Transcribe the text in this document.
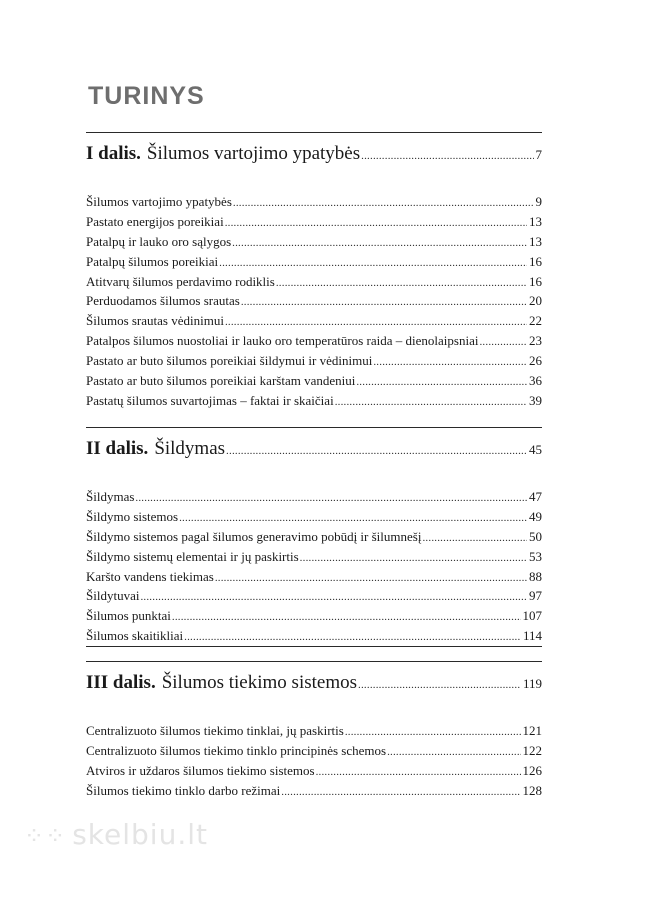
TURINYS
I dalis. Šilumos vartojimo ypatybės .....	7
Šilumos vartojimo ypatybės .....	9
Pastato energijos poreikiai .....	13
Patalpų ir lauko oro sąlygos .....	13
Patalpų šilumos poreikiai .....	16
Atitvarų šilumos perdavimo rodiklis .....	16
Perduodamos šilumos srautas .....	20
Šilumos srautas vėdinimui .....	22
Patalpos šilumos nuostoliai ir lauko oro temperatūros raida – dienolaipsniai .....	23
Pastato ar buto šilumos poreikiai šildymui ir vėdinimui .....	26
Pastato ar buto šilumos poreikiai karštam vandeniui .....	36
Pastatų šilumos suvartojimas – faktai ir skaičiai .....	39
II dalis. Šildymas .....	45
Šildymas .....	47
Šildymo sistemos .....	49
Šildymo sistemos pagal šilumos generavimo pobūdį ir šilumnešį .....	50
Šildymo sistemų elementai ir jų paskirtis .....	53
Karšto vandens tiekimas .....	88
Šildytuvai .....	97
Šilumos punktai .....	107
Šilumos skaitikliai .....	114
III dalis. Šilumos tiekimo sistemos .....	119
Centralizuoto šilumos tiekimo tinklai, jų paskirtis .....	121
Centralizuoto šilumos tiekimo tinklo principinės schemos .....	122
Atviros ir uždaros šilumos tiekimo sistemos .....	126
Šilumos tiekimo tinklo darbo režimai .....	128
⁘⁘ skelbiu.lt
